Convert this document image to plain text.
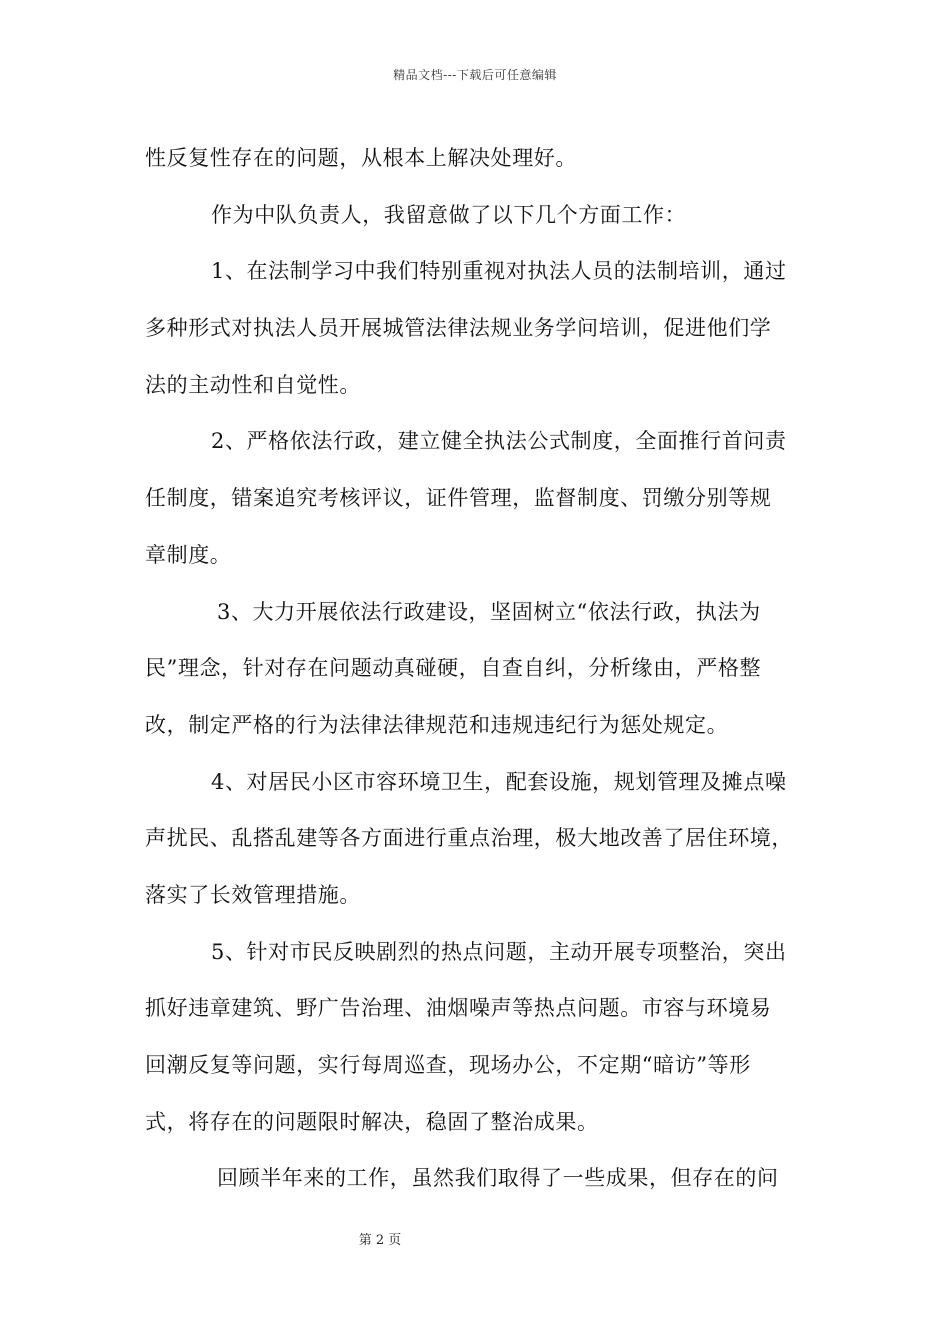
精品文档---下载后可任意编辑

性反复性存在的问题，从根本上解决处理好。

作为中队负责人，我留意做了以下几个方面工作：

1、在法制学习中我们特别重视对执法人员的法制培训，通过
多种形式对执法人员开展城管法律法规业务学问培训，促进他们学
法的主动性和自觉性。

2、严格依法行政，建立健全执法公式制度，全面推行首问责
任制度，错案追究考核评议，证件管理，监督制度、罚缴分别等规
章制度。

3、大力开展依法行政建设，坚固树立“依法行政，执法为
民”理念，针对存在问题动真碰硬，自查自纠，分析缘由，严格整
改，制定严格的行为法律法律规范和违规违纪行为惩处规定。

4、对居民小区市容环境卫生，配套设施，规划管理及摊点噪
声扰民、乱搭乱建等各方面进行重点治理，极大地改善了居住环境，
落实了长效管理措施。

5、针对市民反映剧烈的热点问题，主动开展专项整治，突出
抓好违章建筑、野广告治理、油烟噪声等热点问题。市容与环境易
回潮反复等问题，实行每周巡查，现场办公，不定期“暗访”等形
式，将存在的问题限时解决，稳固了整治成果。

回顾半年来的工作，虽然我们取得了一些成果，但存在的问

第 2 页
